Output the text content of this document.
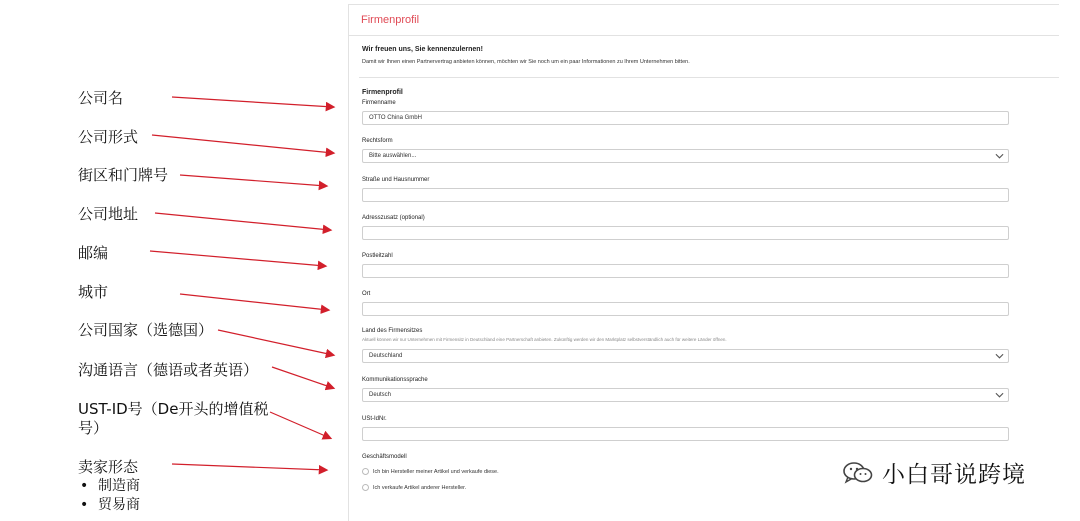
公司名
公司形式
街区和门牌号
公司地址
邮编
城市
公司国家（选德国）
沟通语言（德语或者英语）
UST-ID号（De开头的增值税号）
卖家形态
• 制造商
• 贸易商
Firmenprofil
Wir freuen uns, Sie kennenzulernen!
Damit wir Ihnen einen Partnervertrag anbieten können, möchten wir Sie noch um ein paar Informationen zu Ihrem Unternehmen bitten.
Firmenprofil
Firmenname
OTTO China GmbH
Rechtsform
Bitte auswählen...
Straße und Hausnummer
Adresszusatz (optional)
Postleitzahl
Ort
Land des Firmensitzes
Aktuell können wir nur Unternehmen mit Firmensitz in Deutschland eine Partnerschaft anbieten. Zukünftig werden wir den Marktplatz selbstverständlich auch für weitere Länder öffnen.
Deutschland
Kommunikationssprache
Deutsch
USt-IdNr.
Geschäftsmodell
Ich bin Hersteller meiner Artikel und verkaufe diese.
Ich verkaufe Artikel anderer Hersteller.	小白哥说跨境
